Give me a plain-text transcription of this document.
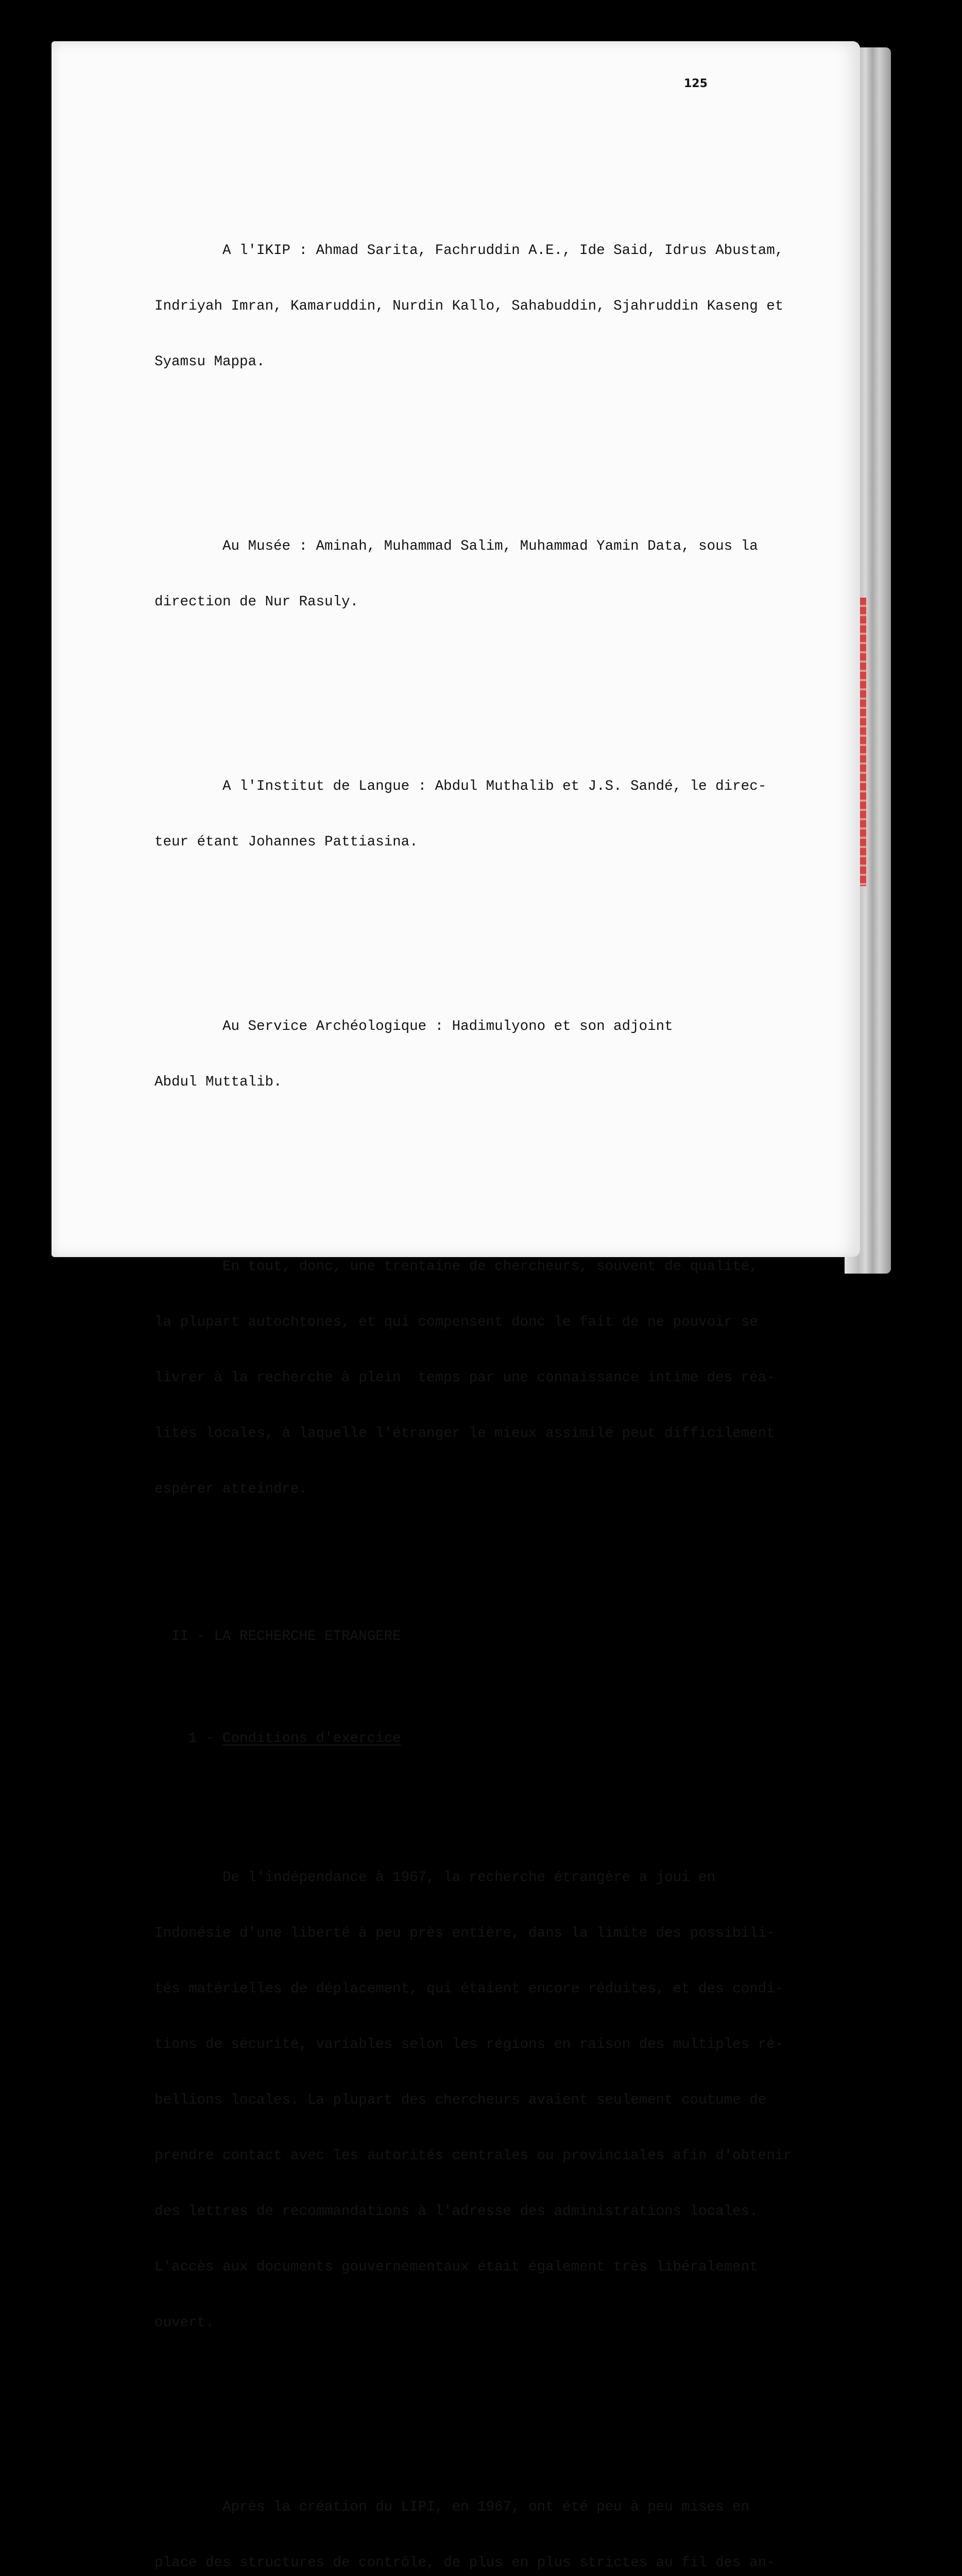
125

A l'IKIP : Ahmad Sarita, Fachruddin A.E., Ide Said, Idrus Abustam,

Indriyah Imran, Kamaruddin, Nurdin Kallo, Sahabuddin, Sjahruddin Kaseng et

Syamsu Mappa.

Au Musée : Aminah, Muhammad Salim, Muhammad Yamin Data, sous la

direction de Nur Rasuly.

A l'Institut de Langue : Abdul Muthalib et J.S. Sandé, le direc-

teur étant Johannes Pattiasina.

Au Service Archéologique : Hadimulyono et son adjoint

Abdul Muttalib.

En tout, donc, une trentaine de chercheurs, souvent de qualité,

la plupart autochtones, et qui compensent donc le fait de ne pouvoir se

livrer à la recherche à plein  temps par une connaissance intime des réa-

lités locales, à laquelle l'étranger le mieux assimilé peut difficilement

espérer atteindre.

II - LA RECHERCHE ETRANGERE

1 - Conditions d'exercice

De l'indépendance à 1967, la recherche étrangère a joui en

Indonésie d'une liberté à peu près entière, dans la limite des possibili-

tés matérielles de déplacement, qui étaient encore réduites, et des condi-

tions de sécurité, variables selon les régions en raison des multiples ré-

bellions locales. La plupart des chercheurs avaient seulement coutume de

prendre contact avec les autorités centrales ou provinciales afin d'obtenir

des lettres de recommandations à l'adresse des administrations locales.

L'accès aux documents gouvernementaux était également très libéralement

ouvert.

Après la création du LIPI, en 1967, ont été peu à peu mises en

place des structures de contrôle, de plus en plus strictes au fil des an-
